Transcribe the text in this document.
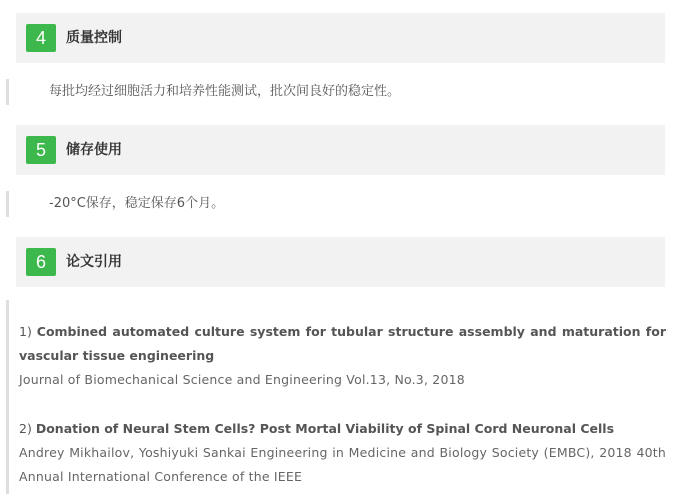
4	质量控制
每批均经过细胞活力和培养性能测试，批次间良好的稳定性。
5	储存使用
-20°C保存，稳定保存6个月。
6	论文引用
1) Combined automated culture system for tubular structure assembly and maturation for vascular tissue engineering
Journal of Biomechanical Science and Engineering Vol.13, No.3, 2018
2) Donation of Neural Stem Cells? Post Mortal Viability of Spinal Cord Neuronal Cells
Andrey Mikhailov, Yoshiyuki Sankai Engineering in Medicine and Biology Society (EMBC), 2018 40th Annual International Conference of the IEEE
